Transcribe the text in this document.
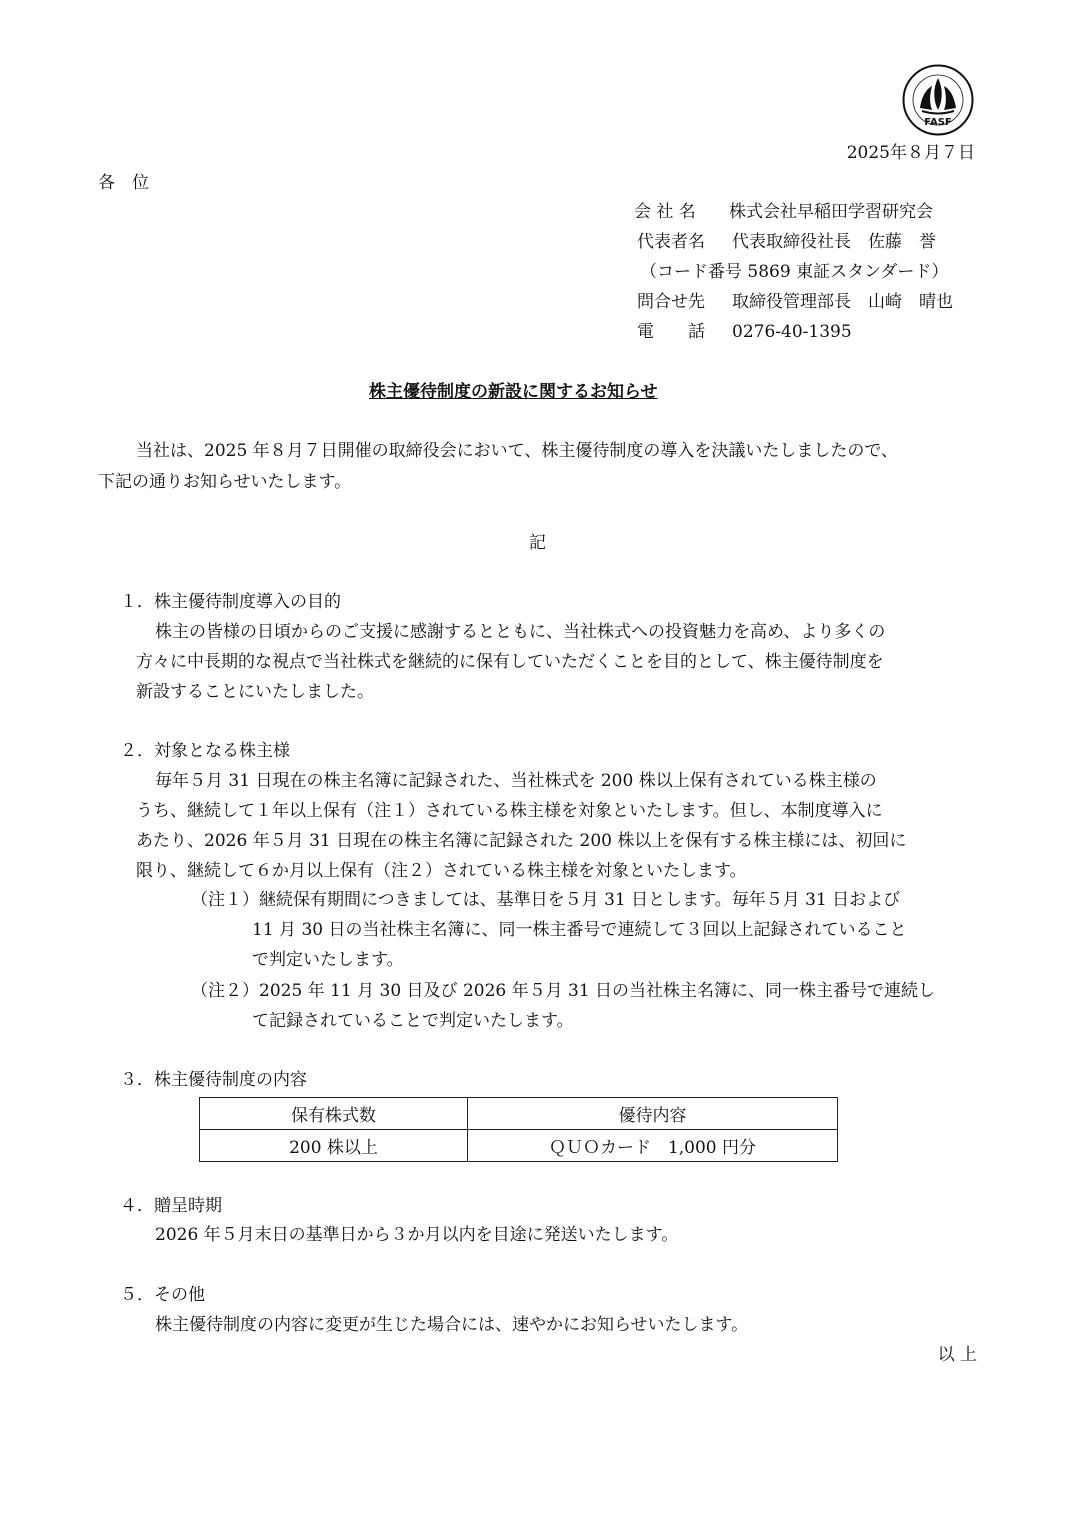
FASF
2025年８月７日
各　位
会 社 名 株式会社早稲田学習研究会
代表者名 代表取締役社長　佐藤　誉
（コード番号 5869 東証スタンダード）
問合せ先 取締役管理部長　山崎　晴也
電　　話 0276-40-1395
株主優待制度の新設に関するお知らせ
当社は、2025 年８月７日開催の取締役会において、株主優待制度の導入を決議いたしましたので、
下記の通りお知らせいたします。
記
１．株主優待制度導入の目的
株主の皆様の日頃からのご支援に感謝するとともに、当社株式への投資魅力を高め、より多くの
方々に中長期的な視点で当社株式を継続的に保有していただくことを目的として、株主優待制度を
新設することにいたしました。
２．対象となる株主様
毎年５月 31 日現在の株主名簿に記録された、当社株式を 200 株以上保有されている株主様の
うち、継続して１年以上保有（注１）されている株主様を対象といたします。但し、本制度導入に
あたり、2026 年５月 31 日現在の株主名簿に記録された 200 株以上を保有する株主様には、初回に
限り、継続して６か月以上保有（注２）されている株主様を対象といたします。
（注１）継続保有期間につきましては、基準日を５月 31 日とします。毎年５月 31 日および
11 月 30 日の当社株主名簿に、同一株主番号で連続して３回以上記録されていること
で判定いたします。
（注２）2025 年 11 月 30 日及び 2026 年５月 31 日の当社株主名簿に、同一株主番号で連続し
て記録されていることで判定いたします。
３．株主優待制度の内容
保有株式数	優待内容
200 株以上	ＱＵＯカード　1,000 円分
４．贈呈時期
2026 年５月末日の基準日から３か月以内を目途に発送いたします。
５．その他
株主優待制度の内容に変更が生じた場合には、速やかにお知らせいたします。
以 上
